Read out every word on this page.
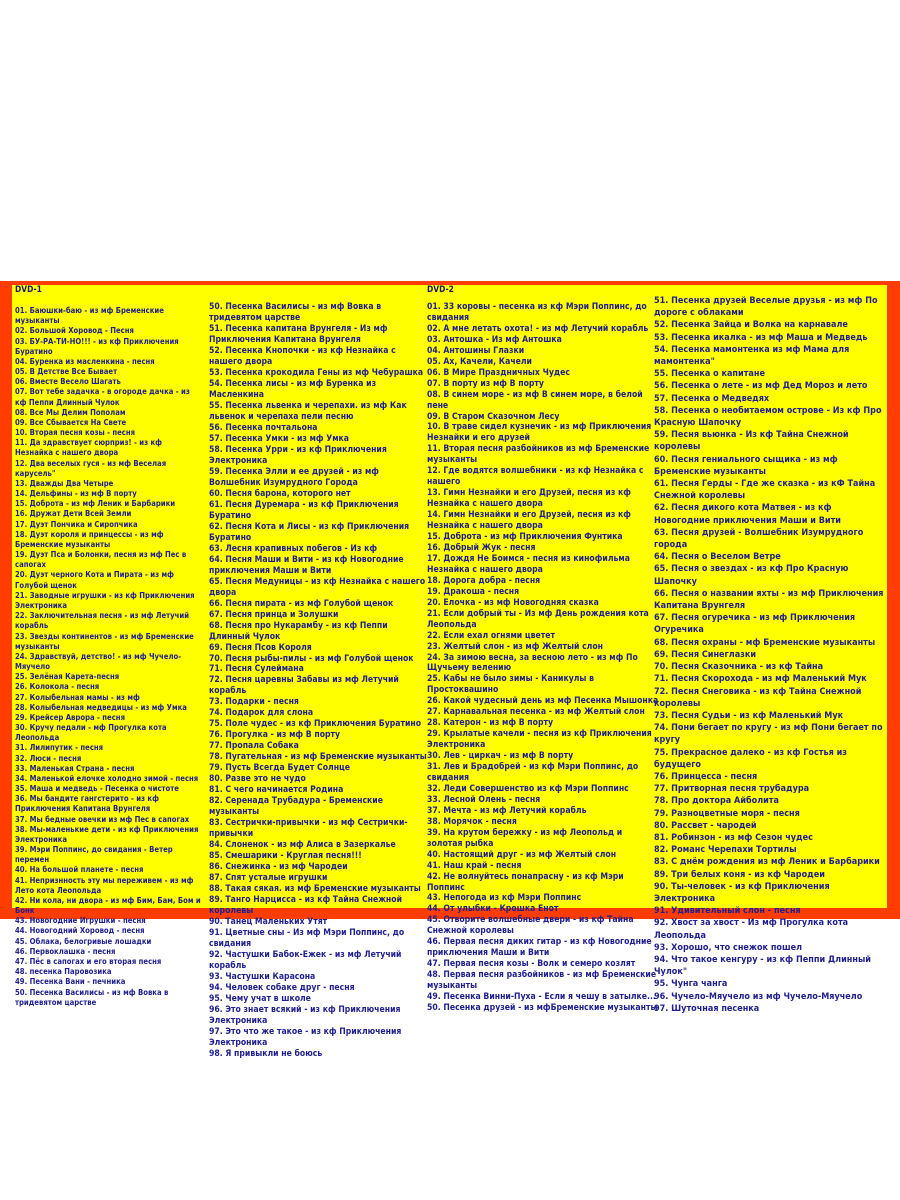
DVD-1	DVD-2
01. Баюшки-баю - из мф Бременские музыканты
02. Большой Хоровод - Песня
03. БУ-РА-ТИ-НО!!! - из кф Приключения Буратино
04. Буренка из масленкина - песня
05. В Детстве Все Бывает
06. Вместе Весело Шагать
07. Вот тебе задачка - в огороде дачка - из кф Пеппи Длинный Чулок
08. Все Мы Делим Пополам
09. Все Сбывается На Свете
10. Вторая песня козы - песня
11. Да здравствует сюрприз! - из кф Незнайка с нашего двора
12. Два веселых гуся - из мф Веселая карусель"
13. Дважды Два Четыре
14. Дельфины - из мф В порту
15. Доброта - из мф Леник и Барбарики
16. Дружат Дети Всей Земли
17. Дуэт Пончика и Сиропчика
18. Дуэт короля и принцессы - из мф Бременские музыканты
19. Дуэт Пса и Болонки, песня из мф Пес в сапогах
20. Дуэт черного Кота и Пирата - из мф Голубой щенок
21. Заводные игрушки - из кф Приключения Электроника
22. Заключительная песня - из мф Летучий корабль
23. Звезды континентов - из мф Бременские музыканты
24. Здравствуй, детство! - из мф Чучело-Мяучело
25. Зелёная Карета-песня
26. Колокола - песня
27. Колыбельная мамы - из мф
28. Колыбельная медведицы - из мф Умка
29. Крейсер Аврора - песня
30. Кручу педали - мф Прогулка кота Леопольда
31. Лилипутик - песня
32. Люси - песня
33. Маленькая Страна - песня
34. Маленькой елочке холодно зимой - песня
35. Маша и медведь - Песенка о чистоте
36. Мы бандите гангстерито - из кф Приключения Капитана Врунгеля
37. Мы бедные овечки из мф Пес в сапогах
38. Мы-маленькие дети - из кф Приключения Электроника
39. Мэри Поппинс, до свидания - Ветер перемен
40. На большой планете - песня
41. Непризнность эту мы переживем - из мф Лето кота Леопольда
42. Ни кола, ни двора - из мф Бим, Бам, Бом и Бонк
43. Новогодние Игрушки - песня
44. Новогодний Хоровод - песня
45. Облака, белогривые лошадки
46. Первоклашка - песня
47. Пёс в сапогах и его вторая песня
48. песенка Паровозика
49. Песенка Вани - печника
50. Песенка Василисы - из мф Вовка в тридевятом царстве
50. Песенка Василисы - из мф Вовка в тридевятом царстве
51. Песенка капитана Врунгеля - Из мф Приключения Капитана Врунгеля
52. Песенка Кнопочки - из кф Незнайка с нашего двора
53. Песенка крокодила Гены из мф Чебурашка
54. Песенка лисы - из мф Буренка из Масленкина
55. Песенка львенка и черепахи. из мф Как львенок и черепаха пели песню
56. Песенка почтальона
57. Песенка Умки - из мф Умка
58. Песенка Урри - из кф Приключения Электроника
59. Песенка Элли и ее друзей - из мф Волшебник Изумрудного Города
60. Песня барона, которого нет
61. Песня Дуремара - из кф Приключения Буратино
62. Песня Кота и Лисы - из кф Приключения Буратино
63. Лесня крапивных побегов - Из кф
64. Песня Маши и Вити - из кф Новогодние приключения Маши и Вити
65. Песня Медуницы - из кф Незнайка с нашего двора
66. Песня пирата - из мф Голубой щенок
67. Песня принца и Золушки
68. Песня про Нукарамбу - из кф Пеппи Длинный Чулок
69. Песня Псов Короля
70. Песня рыбы-пилы - из мф Голубой щенок
71. Песня Сулеймана
72. Песня царевны Забавы из мф Летучий корабль
73. Подарки - песня
74. Подарок для слона
75. Поле чудес - из кф Приключения Буратино
76. Прогулка - из мф В порту
77. Пропала Собака
78. Пугательная - из мф Бременские музыканты
79. Пусть Всегда Будет Солнце
80. Разве это не чудо
81. С чего начинается Родина
82. Серенада Трубадура - Бременские музыканты
83. Сестрички-привычки - из мф Сестрички-привычки
84. Слоненок - из мф Алиса в Зазеркалье
85. Смешарики - Круглая песня!!!
86. Снежинка - из мф Чародеи
87. Спят усталые игрушки
88. Такая сякая. из мф Бременские музыканты
89. Танго Нарцисса - из кф Тайна Снежной королевы
90. Танец Маленьких Утят
91. Цветные сны - Из мф Мэри Поппинс, до свидания
92. Частушки Бабок-Ежек - из мф Летучий корабль
93. Частушки Карасона
94. Человек собаке друг - песня
95. Чему учат в школе
96. Это знает всякий - из кф Приключения Электроника
97. Это что же такое - из кф Приключения Электроника
98. Я привыкли не боюсь
01. 33 коровы - песенка из кф Мэри Поппинс, до свидания
02. А мне летать охота! - из мф Летучий корабль
03. Антошка - Из мф Антошка
04. Антошины Глазки
05. Ах, Качели, Качели
06. В Мире Праздничных Чудес
07. В порту из мф В порту
08. В синем море - из мф В синем море, в белой пене
09. В Старом Сказочном Лесу
10. В траве сидел кузнечик - из мф Приключения Незнайки и его друзей
11. Вторая песня разбойников из мф Бременские музыканты
12. Где водятся волшебники - из кф Незнайка с нашего
13. Гимн Незнайки и его Друзей, песня из кф Незнайка с нашего двора
14. Гимн Незнайки и его Друзей, песня из кф Незнайка с нашего двора
15. Доброта - из мф Приключения Фунтика
16. Добрый Жук - песня
17. Дождя Не Боимся - песня из кинофильма Незнайка с нашего двора
18. Дорога добра - песня
19. Дракоша - песня
20. Елочка - из мф Новогодняя сказка
21. Если добрый ты - Из мф День рождения кота Леопольда
22. Если ехал огнями цветет
23. Желтый слон - из мф Желтый слон
24. За зимою весна, за весною лето - из мф По Щучьему велению
25. Кабы не было зимы - Каникулы в Простоквашино
26. Какой чудесный день из мф Песенка Мышонка
27. Карнавальная песенка - из мф Желтый слон
28. Катерон - из мф В порту
29. Крылатые качели - песня из кф Приключения Электроника
30. Лев - циркач - из мф В порту
31. Лев и Брадобрей - из кф Мэри Поппинс, до свидания
32. Леди Совершенство из кф Мэри Поппинс
33. Лесной Олень - песня
37. Мечта - из мф Летучий корабль
38. Морячок - песня
39. На крутом бережку - из мф Леопольд и золотая рыбка
40. Настоящий друг - из мф Желтый слон
41. Наш край - песня
42. Не волнуйтесь понапрасну - из кф Мэри Поппинс
43. Непогода из кф Мэри Поппинс
44. От улыбки - Крошка Енот
45. Отворите волшебные двери - из кф Тайна Снежной королевы
46. Первая песня диких гитар - из кф Новогодние приключения Маши и Вити
47. Первая песня козы - Волк и семеро козлят
48. Первая песня разбойников - из мф Бременские музыканты
49. Песенка Винни-Пуха - Если я чешу в затылке...
50. Песенка друзей - из мфБременские музыканты
51. Песенка друзей Веселые друзья - из мф По дороге с облаками
52. Песенка Зайца и Волка на карнавале
53. Песенка икалка - из мф Маша и Медведь
54. Песенка мамонтенка из мф Мама для мамонтенка"
55. Песенка о капитане
56. Песенка о лете - из мф Дед Мороз и лето
57. Песенка о Медведях
58. Песенка о необитаемом острове - Из кф Про Красную Шапочку
59. Песня вьюнка - Из кф Тайна Снежной королевы
60. Песня гениального сыщика - из мф Бременские музыканты
61. Песня Герды - Где же сказка - из кФ Тайна Снежной королевы
62. Песня дикого кота Матвея - из кф Новогодние приключения Маши и Вити
63. Песня друзей - Волшебник Изумрудного города
64. Песня о Веселом Ветре
65. Песня о звездах - из кф Про Красную Шапочку
66. Песня о названии яхты - из мф Приключения Капитана Врунгеля
67. Песня огуречика - из мф Приключения Огуречика
68. Песня охраны - мф Бременские музыканты
69. Песня Синеглазки
70. Песня Сказочника - из кф Тайна
71. Песня Скорохода - из мф Маленький Мук
72. Песня Снеговика - из кф Тайна Снежной королевы
73. Песня Судьи - из кф Маленький Мук
74. Пони бегает по кругу - из мф Пони бегает по кругу
75. Прекрасное далеко - из кф Гостья из будущего
76. Принцесса - песня
77. Притворная песня трубадура
78. Про доктора Айболита
79. Разноцветные моря - песня
80. Рассвет - чародей
81. Робинзон - из мф Сезон чудес
82. Романс Черепахи Тортилы
83. С днём рождения из мф Леник и Барбарики
89. Три белых коня - из кф Чародеи
90. Ты-человек - из кф Приключения Электроника
91. Удивительный слон - песня
92. Хвост за хвост - Из мф Прогулка кота Леопольда
93. Хорошо, что снежок пошел
94. Что такое кенгуру - из кф Пеппи Длинный Чулок"
95. Чунга чанга
96. Чучело-Мяучело из мф Чучело-Мяучело
97. Шуточная песенка
